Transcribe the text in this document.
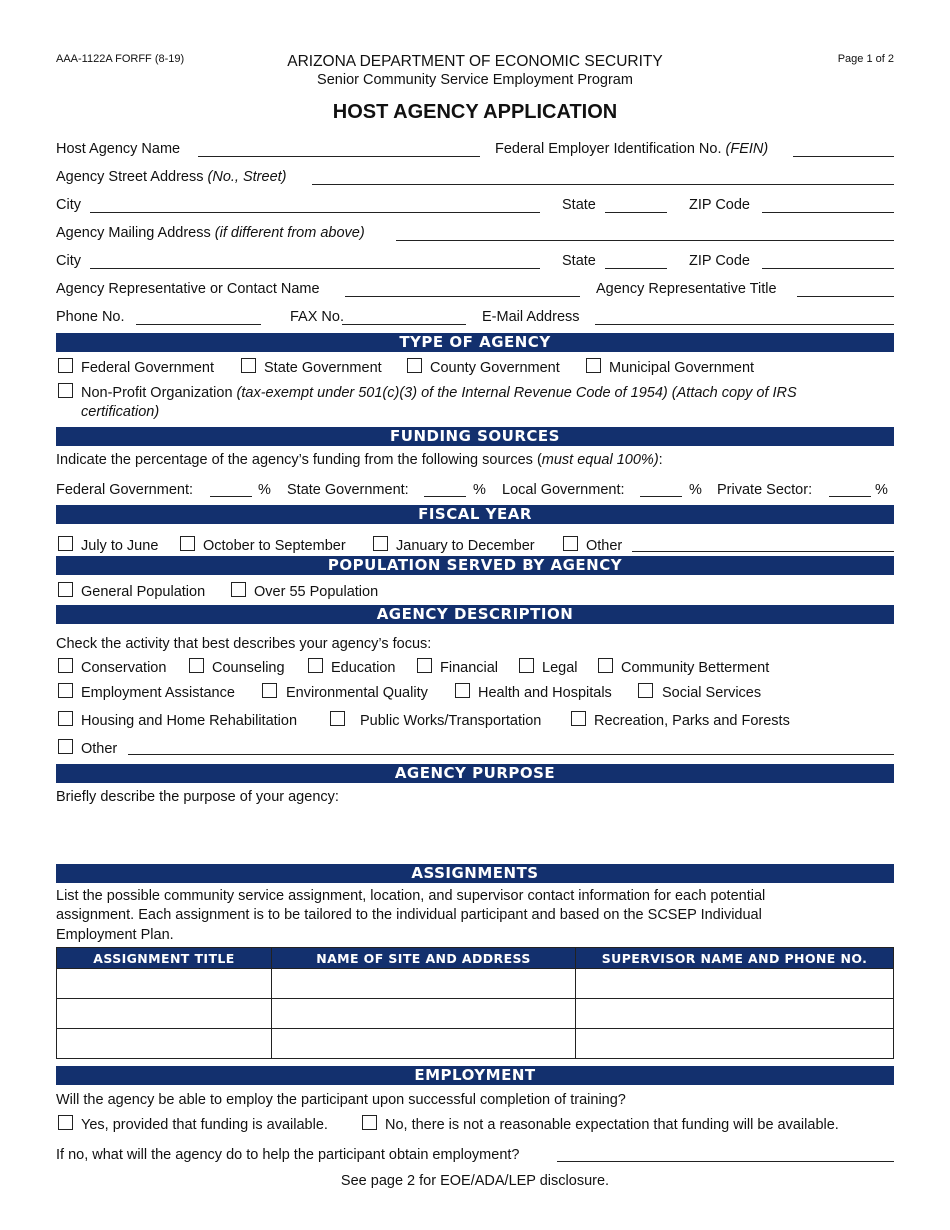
AAA-1122A FORFF (8-19)	ARIZONA DEPARTMENT OF ECONOMIC SECURITY
Senior Community Service Employment Program
Page 1 of 2
HOST AGENCY APPLICATION
Host Agency Name	Federal Employer Identification No. (FEIN)
Agency Street Address (No., Street)
City	State	ZIP Code
Agency Mailing Address (if different from above)
City	State	ZIP Code
Agency Representative or Contact Name	Agency Representative Title
Phone No.	FAX No.	E-Mail Address
TYPE OF AGENCY
Federal Government	State Government	County Government	Municipal Government
Non-Profit Organization (tax-exempt under 501(c)(3) of the Internal Revenue Code of 1954) (Attach copy of IRS
certification)
FUNDING SOURCES
Indicate the percentage of the agency’s funding from the following sources (must equal 100%):
Federal Government:	% State Government:	% Local Government:	% Private Sector:	%
FISCAL YEAR
July to June	October to September	January to December	Other
POPULATION SERVED BY AGENCY
General Population	Over 55 Population
AGENCY DESCRIPTION
Check the activity that best describes your agency’s focus:
Conservation	Counseling	Education	Financial	Legal	Community Betterment
Employment Assistance	Environmental Quality	Health and Hospitals	Social Services
Housing and Home Rehabilitation	Public Works/Transportation	Recreation, Parks and Forests
Other
AGENCY PURPOSE
Briefly describe the purpose of your agency:
ASSIGNMENTS
List the possible community service assignment, location, and supervisor contact information for each potential
assignment. Each assignment is to be tailored to the individual participant and based on the SCSEP Individual
Employment Plan.
ASSIGNMENT TITLE	NAME OF SITE AND ADDRESS	SUPERVISOR NAME AND PHONE NO.

EMPLOYMENT
Will the agency be able to employ the participant upon successful completion of training?
Yes, provided that funding is available.	No, there is not a reasonable expectation that funding will be available.
If no, what will the agency do to help the participant obtain employment?
See page 2 for EOE/ADA/LEP disclosure.
